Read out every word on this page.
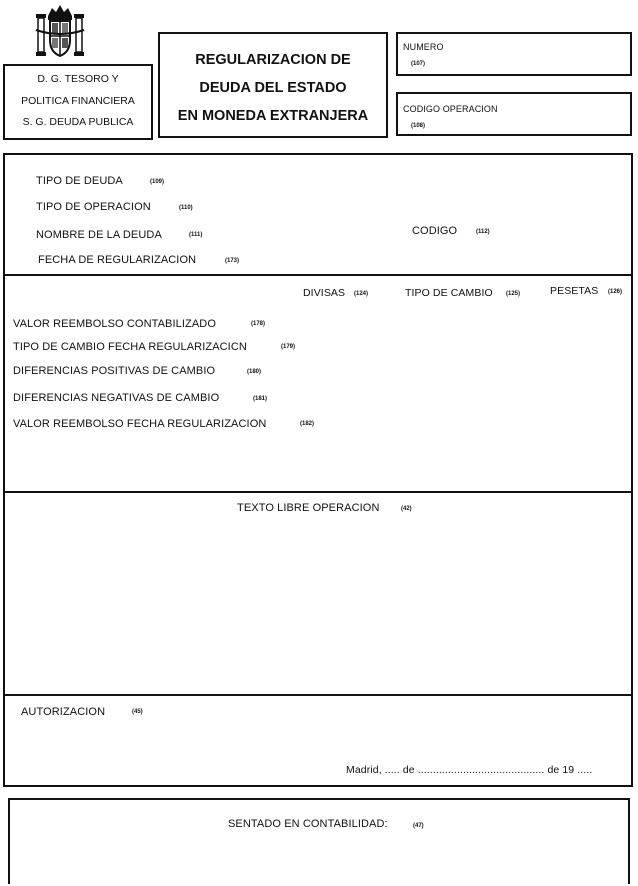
D. G. TESORO Y
POLITICA FINANCIERA
S. G. DEUDA PUBLICA
REGULARIZACION DE
DEUDA DEL ESTADO
EN MONEDA EXTRANJERA
NUMERO
(107)
CODIGO OPERACION
(108)
TIPO DE DEUDA	(109)
TIPO DE OPERACION	(110)
NOMBRE DE LA DEUDA	(111)	CODIGO	(112)
FECHA DE REGULARIZACION	(173)
DIVISAS (124)	TIPO DE CAMBIO (125)	PESETAS (126)
VALOR REEMBOLSO CONTABILIZADO	(178)
TIPO DE CAMBIO FECHA REGULARIZACICN	(179)
DIFERENCIAS POSITIVAS DE CAMBIO	(180)
DIFERENCIAS NEGATIVAS DE CAMBIO	(181)
VALOR REEMBOLSO FECHA REGULARIZACION	(182)
TEXTO LIBRE OPERACION	(42)
AUTORIZACION	(45)
Madrid, ..... de .......................................... de 19 .....
SENTADO EN CONTABILIDAD:	(47)
